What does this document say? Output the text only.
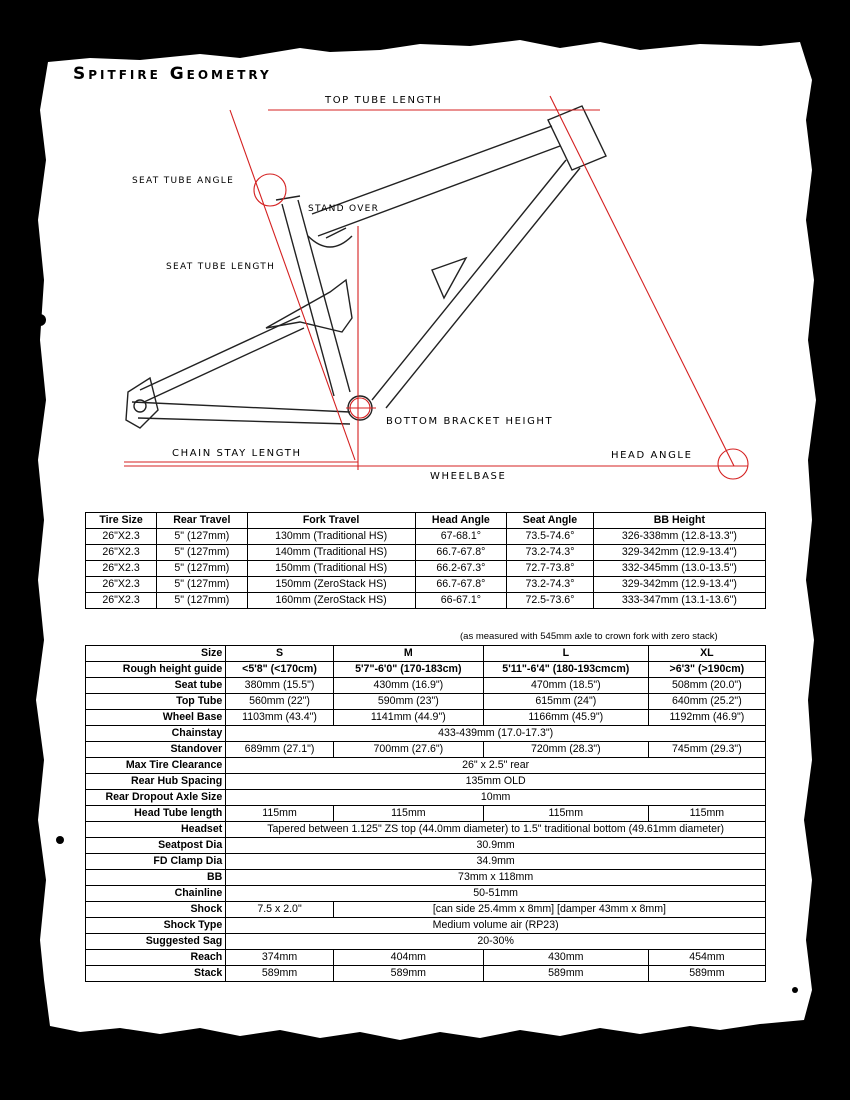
Spitfire Geometry
TOP TUBE LENGTH
SEAT TUBE ANGLE
STAND OVER
SEAT TUBE LENGTH
BOTTOM BRACKET HEIGHT
CHAIN STAY LENGTH	HEAD ANGLE
WHEELBASE
Tire Size	Rear Travel	Fork Travel	Head Angle	Seat Angle	BB Height
26"X2.3	5" (127mm)	130mm (Traditional HS)	67-68.1°	73.5-74.6°	326-338mm (12.8-13.3")
26"X2.3	5" (127mm)	140mm (Traditional HS)	66.7-67.8°	73.2-74.3°	329-342mm (12.9-13.4")
26"X2.3	5" (127mm)	150mm (Traditional HS)	66.2-67.3°	72.7-73.8°	332-345mm (13.0-13.5")
26"X2.3	5" (127mm)	150mm (ZeroStack HS)	66.7-67.8°	73.2-74.3°	329-342mm (12.9-13.4")
26"X2.3	5" (127mm)	160mm (ZeroStack HS)	66-67.1°	72.5-73.6°	333-347mm (13.1-13.6")
(as measured with 545mm axle to crown fork with zero stack)
Size	S	M	L	XL
Rough height guide	<5'8" (<170cm)	5'7"-6'0" (170-183cm)	5'11"-6'4" (180-193cmcm)	>6'3" (>190cm)
Seat tube	380mm (15.5")	430mm (16.9")	470mm (18.5")	508mm (20.0")
Top Tube	560mm (22")	590mm (23")	615mm (24")	640mm (25.2")
Wheel Base	1103mm (43.4")	1141mm (44.9")	1166mm (45.9")	1192mm (46.9")
Chainstay	433-439mm (17.0-17.3")			
Standover	689mm (27.1")	700mm (27.6")	720mm (28.3")	745mm (29.3")
Max Tire Clearance	26" x 2.5" rear			
Rear Hub Spacing	135mm OLD			
Rear Dropout Axle Size	10mm			
Head Tube length	115mm	115mm	115mm	115mm
Headset	Tapered between 1.125" ZS top (44.0mm diameter) to 1.5" traditional bottom (49.61mm diameter)			
Seatpost Dia	30.9mm			
FD Clamp Dia	34.9mm			
BB	73mm x 118mm			
Chainline	50-51mm			
Shock	7.5 x 2.0"	[can side 25.4mm x 8mm] [damper 43mm x 8mm]		
Shock Type	Medium volume air (RP23)			
Suggested Sag	20-30%			
Reach	374mm	404mm	430mm	454mm
Stack	589mm	589mm	589mm	589mm
